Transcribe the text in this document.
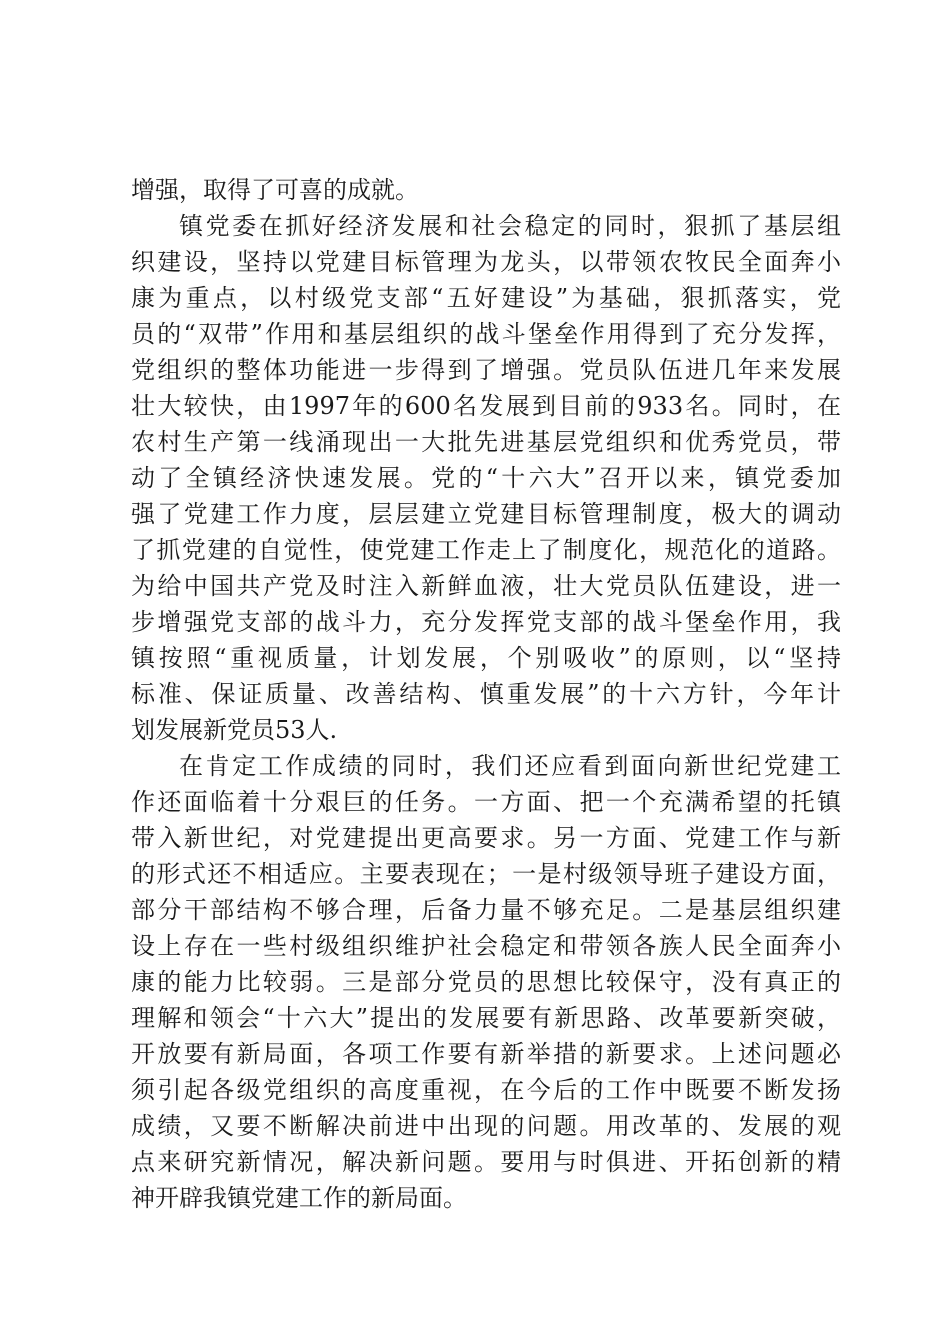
增强，取得了可喜的成就。
镇党委在抓好经济发展和社会稳定的同时，狠抓了基层组
织建设，坚持以党建目标管理为龙头，以带领农牧民全面奔小
康为重点，以村级党支部“五好建设”为基础，狠抓落实，党
员的“双带”作用和基层组织的战斗堡垒作用得到了充分发挥，
党组织的整体功能进一步得到了增强。党员队伍进几年来发展
壮大较快，由1997年的600名发展到目前的933名。同时，在
农村生产第一线涌现出一大批先进基层党组织和优秀党员，带
动了全镇经济快速发展。党的“十六大”召开以来，镇党委加
强了党建工作力度，层层建立党建目标管理制度，极大的调动
了抓党建的自觉性，使党建工作走上了制度化，规范化的道路。
为给中国共产党及时注入新鲜血液，壮大党员队伍建设，进一
步增强党支部的战斗力，充分发挥党支部的战斗堡垒作用，我
镇按照“重视质量，计划发展，个别吸收”的原则，以“坚持
标准、保证质量、改善结构、慎重发展”的十六方针，今年计
划发展新党员53人.
在肯定工作成绩的同时，我们还应看到面向新世纪党建工
作还面临着十分艰巨的任务。一方面、把一个充满希望的托镇
带入新世纪，对党建提出更高要求。另一方面、党建工作与新
的形式还不相适应。主要表现在；一是村级领导班子建设方面，
部分干部结构不够合理，后备力量不够充足。二是基层组织建
设上存在一些村级组织维护社会稳定和带领各族人民全面奔小
康的能力比较弱。三是部分党员的思想比较保守，没有真正的
理解和领会“十六大”提出的发展要有新思路、改革要新突破，
开放要有新局面，各项工作要有新举措的新要求。上述问题必
须引起各级党组织的高度重视，在今后的工作中既要不断发扬
成绩，又要不断解决前进中出现的问题。用改革的、发展的观
点来研究新情况，解决新问题。要用与时俱进、开拓创新的精
神开辟我镇党建工作的新局面。
